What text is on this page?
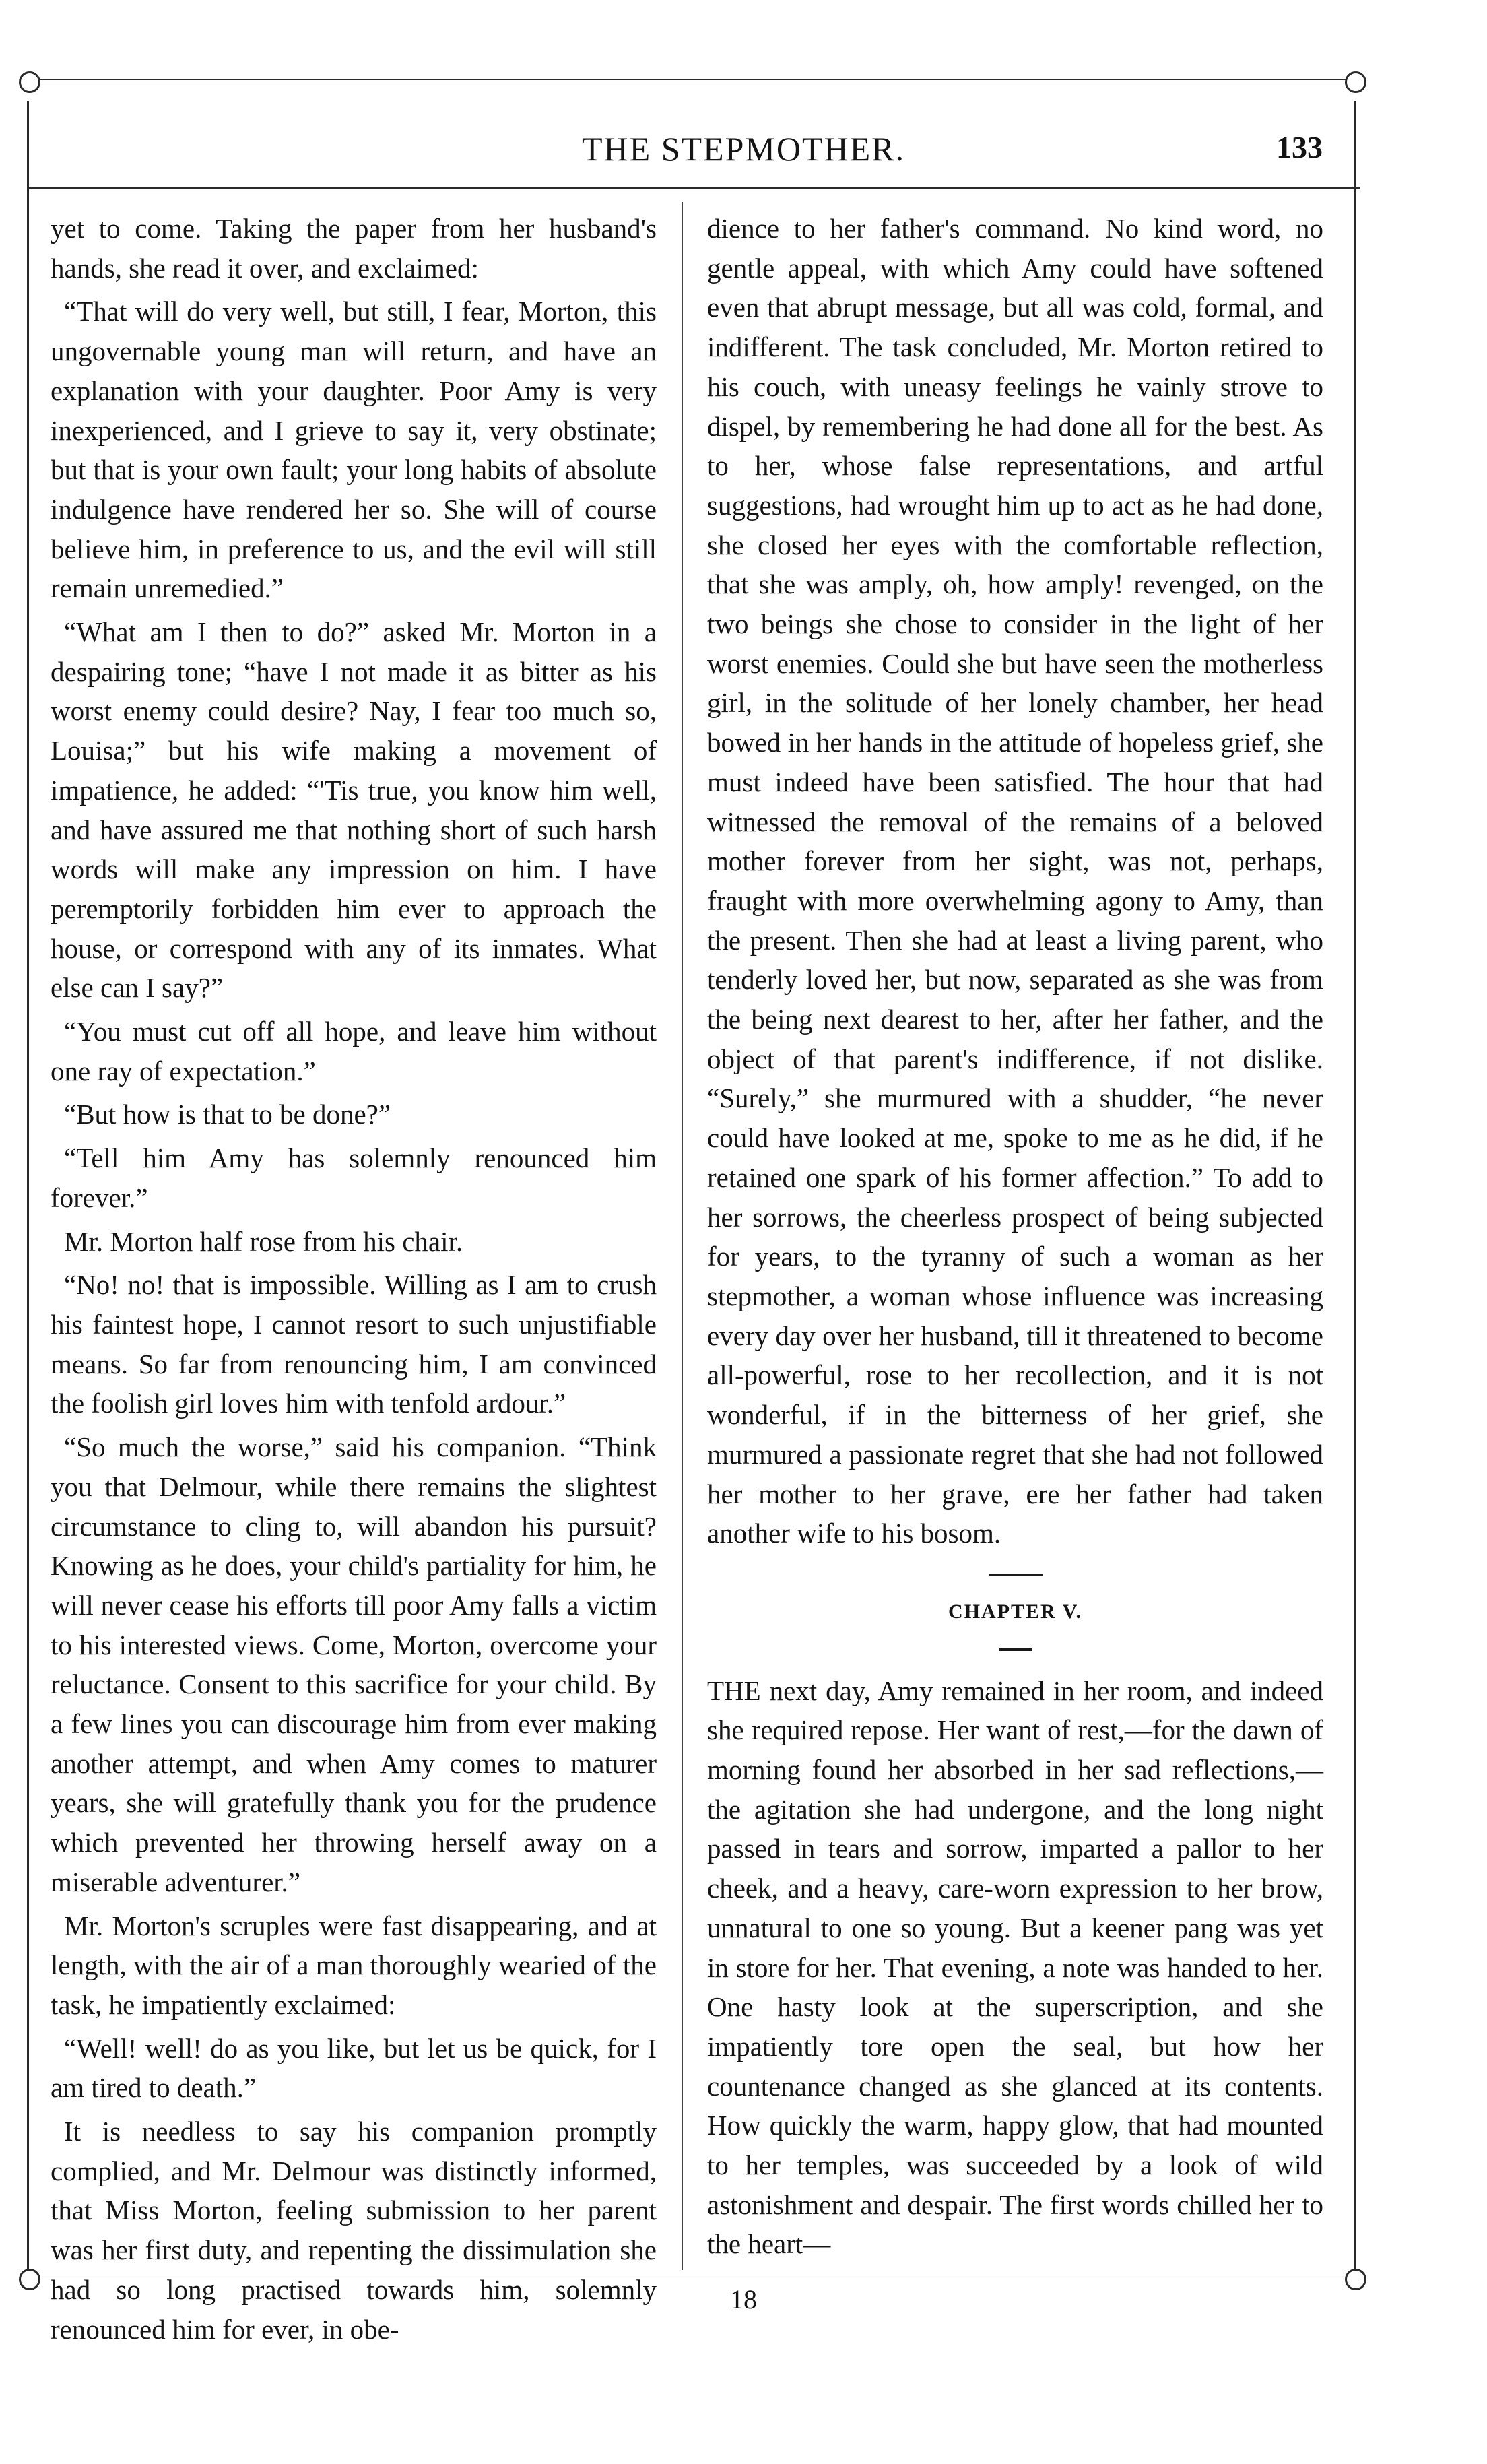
THE STEPMOTHER.	133

yet to come. Taking the paper from her husband's hands, she read it over, and exclaimed:

“That will do very well, but still, I fear, Morton, this ungovernable young man will return, and have an explanation with your daughter. Poor Amy is very inexperienced, and I grieve to say it, very obstinate; but that is your own fault; your long habits of absolute indulgence have rendered her so. She will of course believe him, in preference to us, and the evil will still remain unremedied.”

“What am I then to do?” asked Mr. Morton in a despairing tone; “have I not made it as bitter as his worst enemy could desire? Nay, I fear too much so, Louisa;” but his wife making a movement of impatience, he added: “'Tis true, you know him well, and have assured me that nothing short of such harsh words will make any impression on him. I have peremptorily forbidden him ever to approach the house, or correspond with any of its inmates. What else can I say?”

“You must cut off all hope, and leave him without one ray of expectation.”

“But how is that to be done?”

“Tell him Amy has solemnly renounced him forever.”

Mr. Morton half rose from his chair.

“No! no! that is impossible. Willing as I am to crush his faintest hope, I cannot resort to such unjustifiable means. So far from renouncing him, I am convinced the foolish girl loves him with tenfold ardour.”

“So much the worse,” said his companion. “Think you that Delmour, while there remains the slightest circumstance to cling to, will abandon his pursuit? Knowing as he does, your child's partiality for him, he will never cease his efforts till poor Amy falls a victim to his interested views. Come, Morton, overcome your reluctance. Consent to this sacrifice for your child. By a few lines you can discourage him from ever making another attempt, and when Amy comes to maturer years, she will gratefully thank you for the prudence which prevented her throwing herself away on a miserable adventurer.”

Mr. Morton's scruples were fast disappearing, and at length, with the air of a man thoroughly wearied of the task, he impatiently exclaimed:

“Well! well! do as you like, but let us be quick, for I am tired to death.”

It is needless to say his companion promptly complied, and Mr. Delmour was distinctly informed, that Miss Morton, feeling submission to her parent was her first duty, and repenting the dissimulation she had so long practised towards him, solemnly renounced him for ever, in obe-

dience to her father's command. No kind word, no gentle appeal, with which Amy could have softened even that abrupt message, but all was cold, formal, and indifferent. The task concluded, Mr. Morton retired to his couch, with uneasy feelings he vainly strove to dispel, by remembering he had done all for the best. As to her, whose false representations, and artful suggestions, had wrought him up to act as he had done, she closed her eyes with the comfortable reflection, that she was amply, oh, how amply! revenged, on the two beings she chose to consider in the light of her worst enemies. Could she but have seen the motherless girl, in the solitude of her lonely chamber, her head bowed in her hands in the attitude of hopeless grief, she must indeed have been satisfied. The hour that had witnessed the removal of the remains of a beloved mother forever from her sight, was not, perhaps, fraught with more overwhelming agony to Amy, than the present. Then she had at least a living parent, who tenderly loved her, but now, separated as she was from the being next dearest to her, after her father, and the object of that parent's indifference, if not dislike. “Surely,” she murmured with a shudder, “he never could have looked at me, spoke to me as he did, if he retained one spark of his former affection.” To add to her sorrows, the cheerless prospect of being subjected for years, to the tyranny of such a woman as her stepmother, a woman whose influence was increasing every day over her husband, till it threatened to become all-powerful, rose to her recollection, and it is not wonderful, if in the bitterness of her grief, she murmured a passionate regret that she had not followed her mother to her grave, ere her father had taken another wife to his bosom.

CHAPTER V.

THE next day, Amy remained in her room, and indeed she required repose. Her want of rest,—for the dawn of morning found her absorbed in her sad reflections,—the agitation she had undergone, and the long night passed in tears and sorrow, imparted a pallor to her cheek, and a heavy, care-worn expression to her brow, unnatural to one so young. But a keener pang was yet in store for her. That evening, a note was handed to her. One hasty look at the superscription, and she impatiently tore open the seal, but how her countenance changed as she glanced at its contents. How quickly the warm, happy glow, that had mounted to her temples, was succeeded by a look of wild astonishment and despair. The first words chilled her to the heart—

18
